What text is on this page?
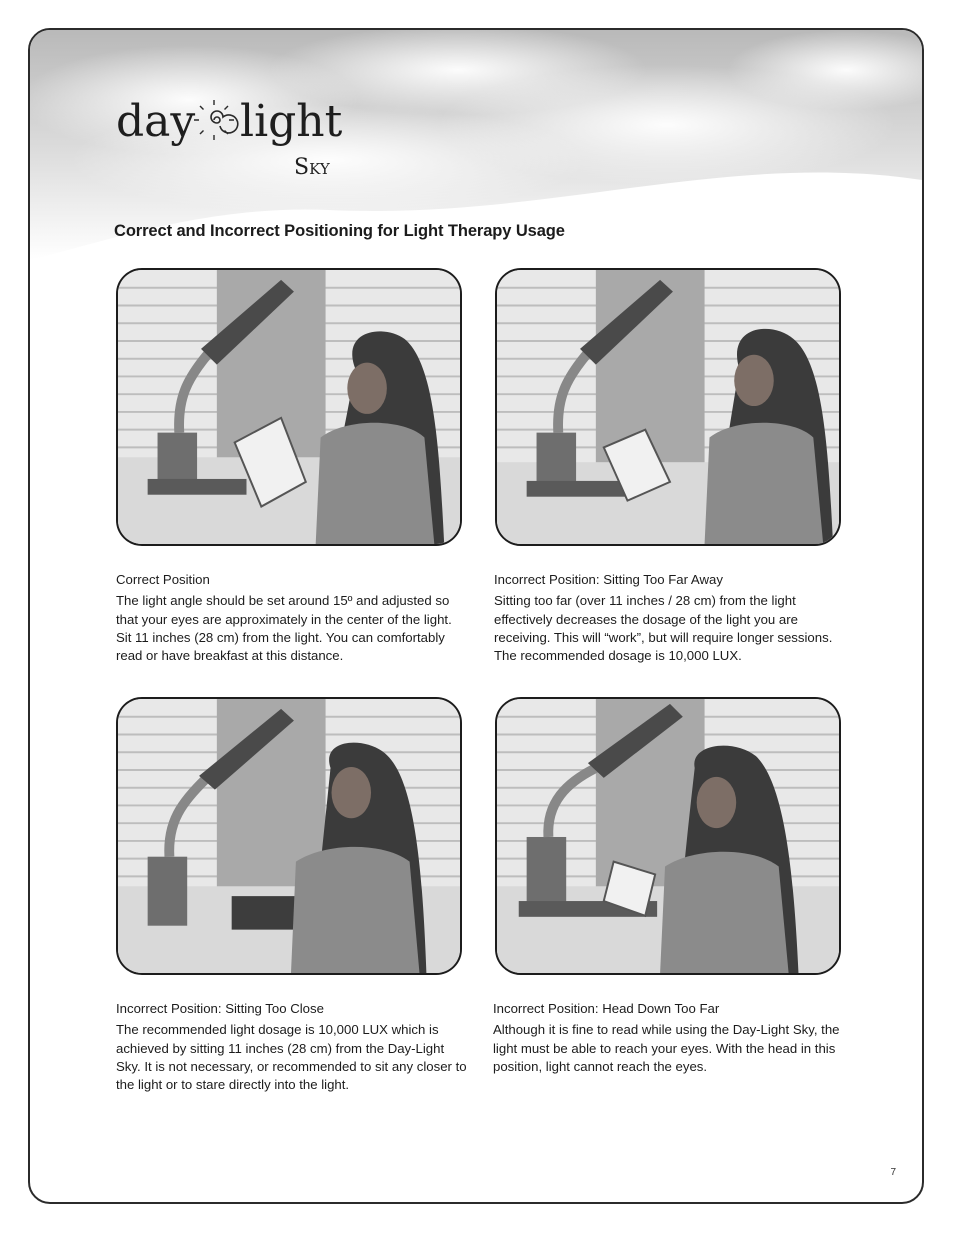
day light
Sky
Correct and Incorrect Positioning for Light Therapy Usage

Correct Position

The light angle should be set around 15º and adjusted so that your eyes are approximately in the center of the light. Sit 11 inches (28 cm) from the light. You can comfortably read or have breakfast at this distance.

Incorrect Position: Sitting Too Far Away

Sitting too far (over 11 inches / 28 cm) from the light effectively decreases the dosage of the light you are receiving. This will “work”, but will require longer sessions. The recommended dosage is 10,000 LUX.

Incorrect Position: Sitting Too Close

The recommended light dosage is 10,000 LUX which is achieved by sitting 11 inches (28 cm) from the Day-Light Sky. It is not necessary, or recommended to sit any closer to the light or to stare directly into the light.

Incorrect Position: Head Down Too Far

Although it is fine to read while using the Day-Light Sky, the light must be able to reach your eyes. With the head in this position, light cannot reach the eyes.

7
